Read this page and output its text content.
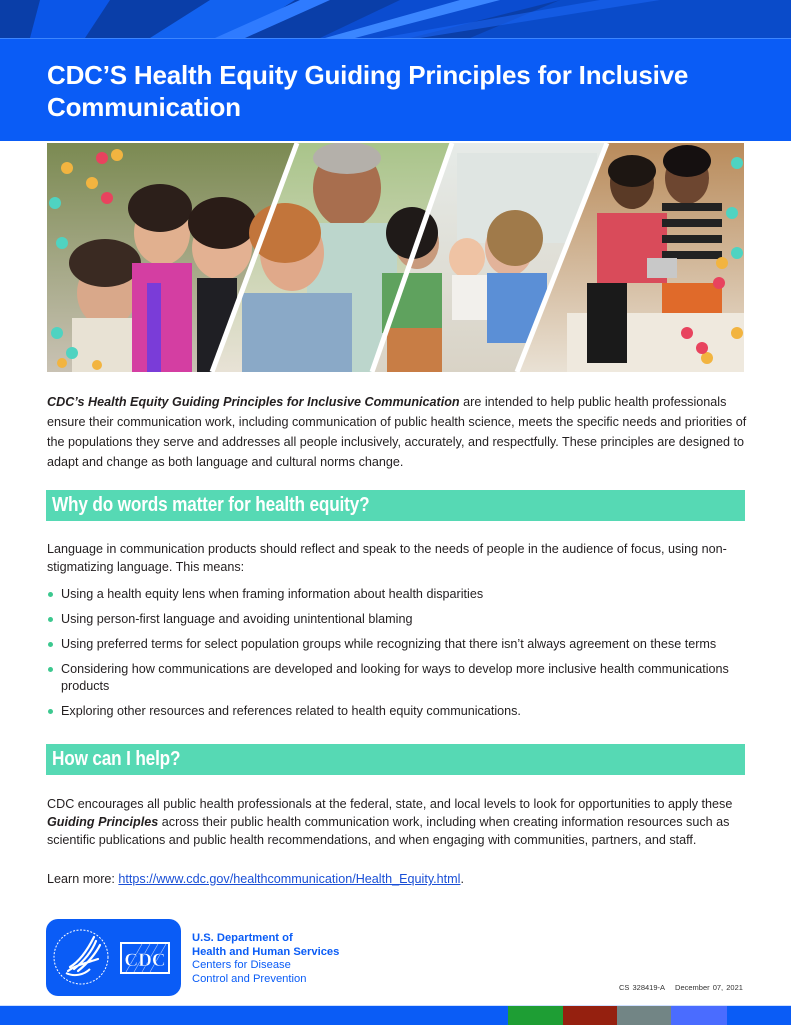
CDC’S Health Equity Guiding Principles for Inclusive Communication

CDC’s Health Equity Guiding Principles for Inclusive Communication are intended to help public health professionals ensure their communication work, including communication of public health science, meets the specific needs and priorities of the populations they serve and addresses all people inclusively, accurately, and respectfully. These principles are designed to adapt and change as both language and cultural norms change.

Why do words matter for health equity?

Language in communication products should reflect and speak to the needs of people in the audience of focus, using non-stigmatizing language. This means:

Using a health equity lens when framing information about health disparities
Using person-first language and avoiding unintentional blaming
Using preferred terms for select population groups while recognizing that there isn’t always agreement on these terms
Considering how communications are developed and looking for ways to develop more inclusive health communications products
Exploring other resources and references related to health equity communications.
How can I help?

CDC encourages all public health professionals at the federal, state, and local levels to look for opportunities to apply these Guiding Principles across their public health communication work, including when creating information resources such as scientific publications and public health recommendations, and when engaging with communities, partners, and staff.

Learn more: https://www.cdc.gov/healthcommunication/Health_Equity.html.

CDC
U.S. Department of
Health and Human Services
Centers for Disease
Control and Prevention
CS 328419-A December 07, 2021
